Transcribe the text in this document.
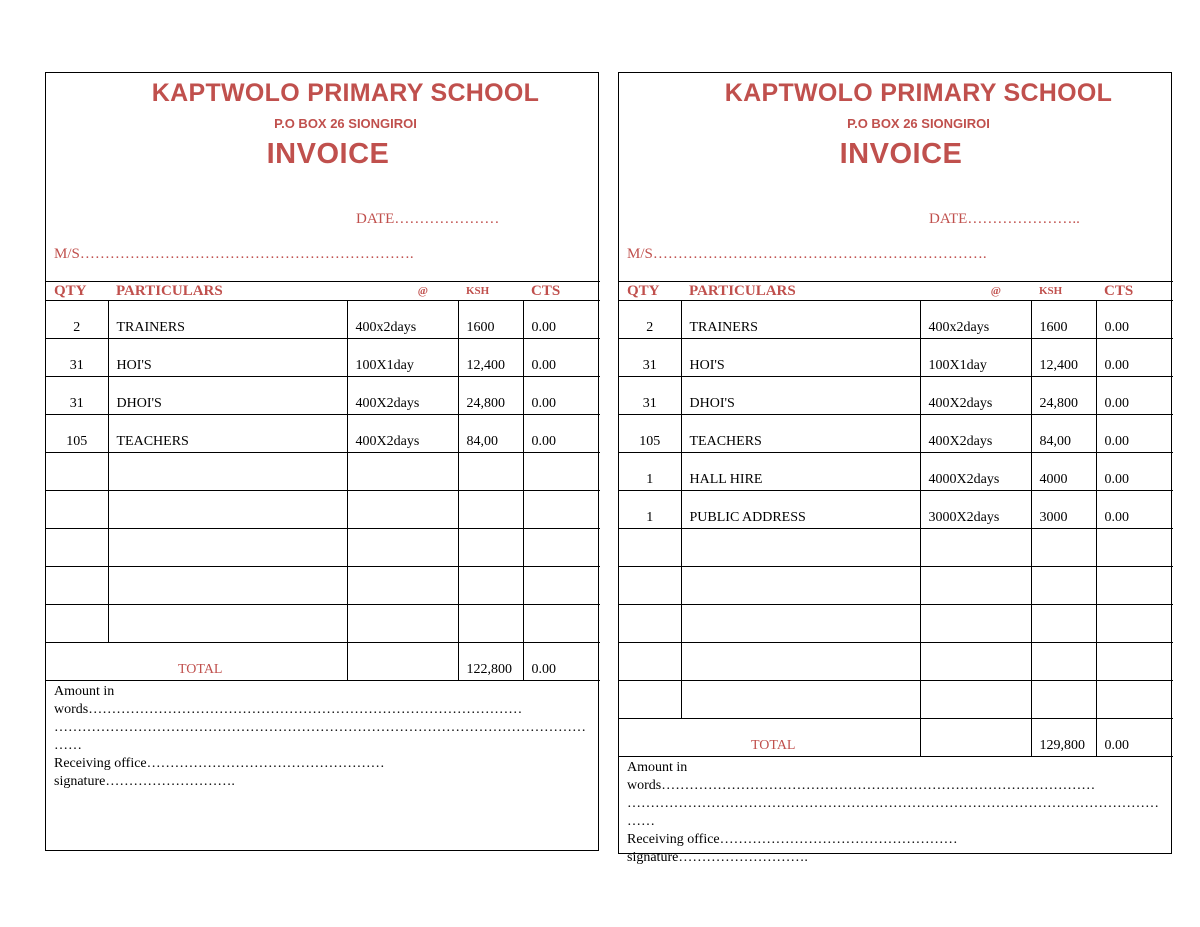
KAPTWOLO PRIMARY SCHOOL
P.O BOX 26 SIONGIROI
INVOICE
DATE…………………
M/S………………………………………………………….
QTY	PARTICULARS	@	KSH	CTS
2	TRAINERS	400x2days	1600	0.00
31	HOI'S	100X1day	12,400	0.00
31	DHOI'S	400X2days	24,800	0.00
105	TEACHERS	400X2days	84,00	0.00

TOTAL			122,800	0.00
Amount in
words…………………………………………………………………………………
……………………………………………………………………………………………………
……
Receiving office……………………………………………
signature……………………….
KAPTWOLO PRIMARY SCHOOL
P.O BOX 26 SIONGIROI
INVOICE
DATE…………………..
M/S………………………………………………………….
QTY	PARTICULARS	@	KSH	CTS
2	TRAINERS	400x2days	1600	0.00
31	HOI'S	100X1day	12,400	0.00
31	DHOI'S	400X2days	24,800	0.00
105	TEACHERS	400X2days	84,00	0.00
1	HALL HIRE	4000X2days	4000	0.00
1	PUBLIC ADDRESS	3000X2days	3000	0.00

TOTAL			129,800	0.00
Amount in
words…………………………………………………………………………………
……………………………………………………………………………………………………
……
Receiving office……………………………………………
signature……………………….
